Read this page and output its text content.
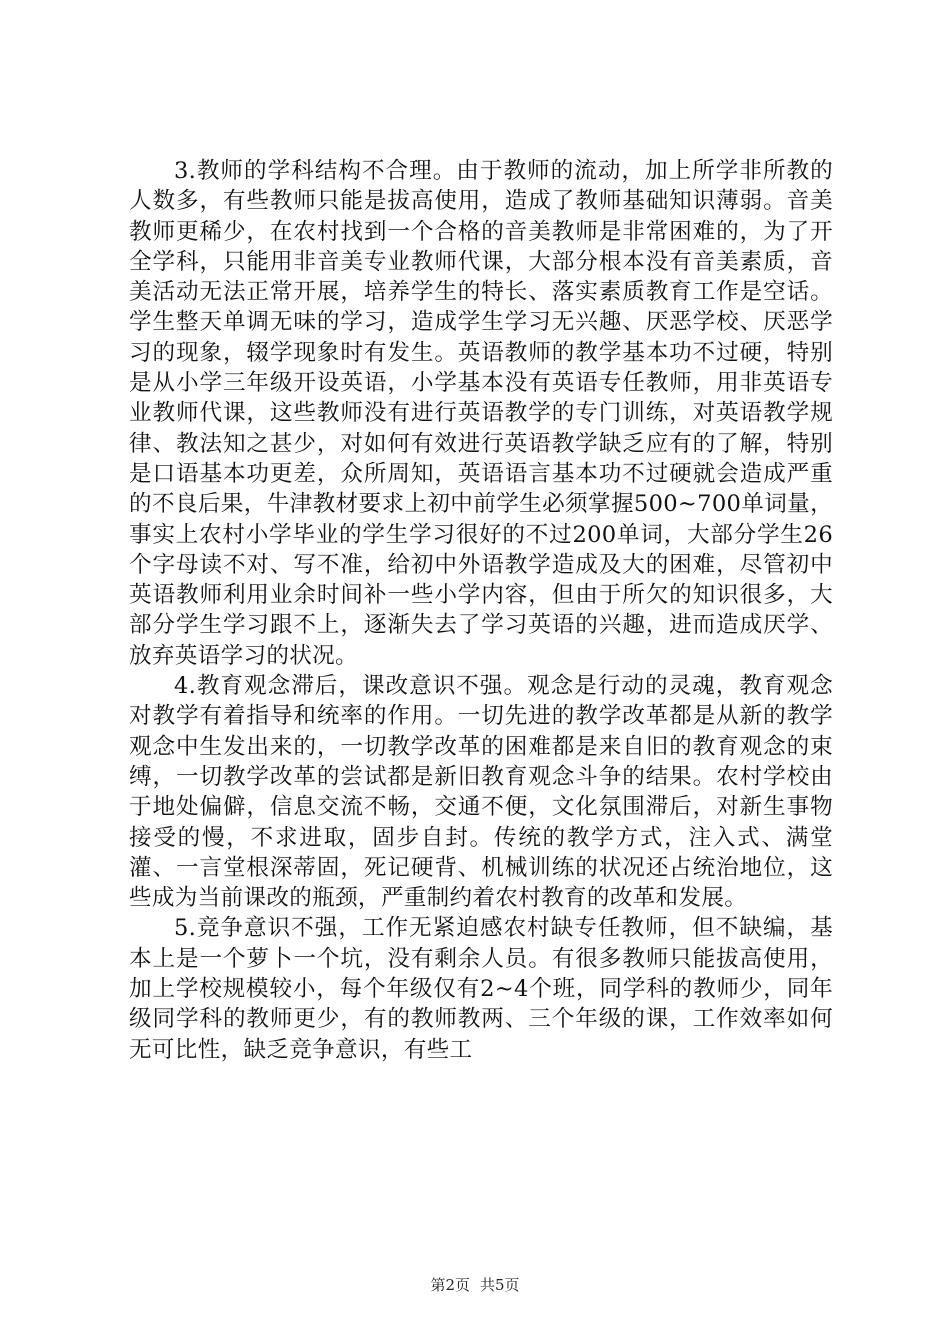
3.教师的学科结构不合理。由于教师的流动，加上所学非所教的人数多，有些教师只能是拔高使用，造成了教师基础知识薄弱。音美教师更稀少，在农村找到一个合格的音美教师是非常困难的，为了开全学科，只能用非音美专业教师代课，大部分根本没有音美素质，音美活动无法正常开展，培养学生的特长、落实素质教育工作是空话。学生整天单调无味的学习，造成学生学习无兴趣、厌恶学校、厌恶学习的现象，辍学现象时有发生。英语教师的教学基本功不过硬，特别是从小学三年级开设英语，小学基本没有英语专任教师，用非英语专业教师代课，这些教师没有进行英语教学的专门训练，对英语教学规律、教法知之甚少，对如何有效进行英语教学缺乏应有的了解，特别是口语基本功更差，众所周知，英语语言基本功不过硬就会造成严重的不良后果，牛津教材要求上初中前学生必须掌握500~700单词量，事实上农村小学毕业的学生学习很好的不过200单词，大部分学生26个字母读不对、写不准，给初中外语教学造成及大的困难，尽管初中英语教师利用业余时间补一些小学内容，但由于所欠的知识很多，大部分学生学习跟不上，逐渐失去了学习英语的兴趣，进而造成厌学、放弃英语学习的状况。

4.教育观念滞后，课改意识不强。观念是行动的灵魂，教育观念对教学有着指导和统率的作用。一切先进的教学改革都是从新的教学观念中生发出来的，一切教学改革的困难都是来自旧的教育观念的束缚，一切教学改革的尝试都是新旧教育观念斗争的结果。农村学校由于地处偏僻，信息交流不畅，交通不便，文化氛围滞后，对新生事物接受的慢，不求进取，固步自封。传统的教学方式，注入式、满堂灌、一言堂根深蒂固，死记硬背、机械训练的状况还占统治地位，这些成为当前课改的瓶颈，严重制约着农村教育的改革和发展。

5.竞争意识不强，工作无紧迫感农村缺专任教师，但不缺编，基本上是一个萝卜一个坑，没有剩余人员。有很多教师只能拔高使用，加上学校规模较小，每个年级仅有2~4个班，同学科的教师少，同年级同学科的教师更少，有的教师教两、三个年级的课，工作效率如何无可比性，缺乏竞争意识，有些工

第2页 共5页
